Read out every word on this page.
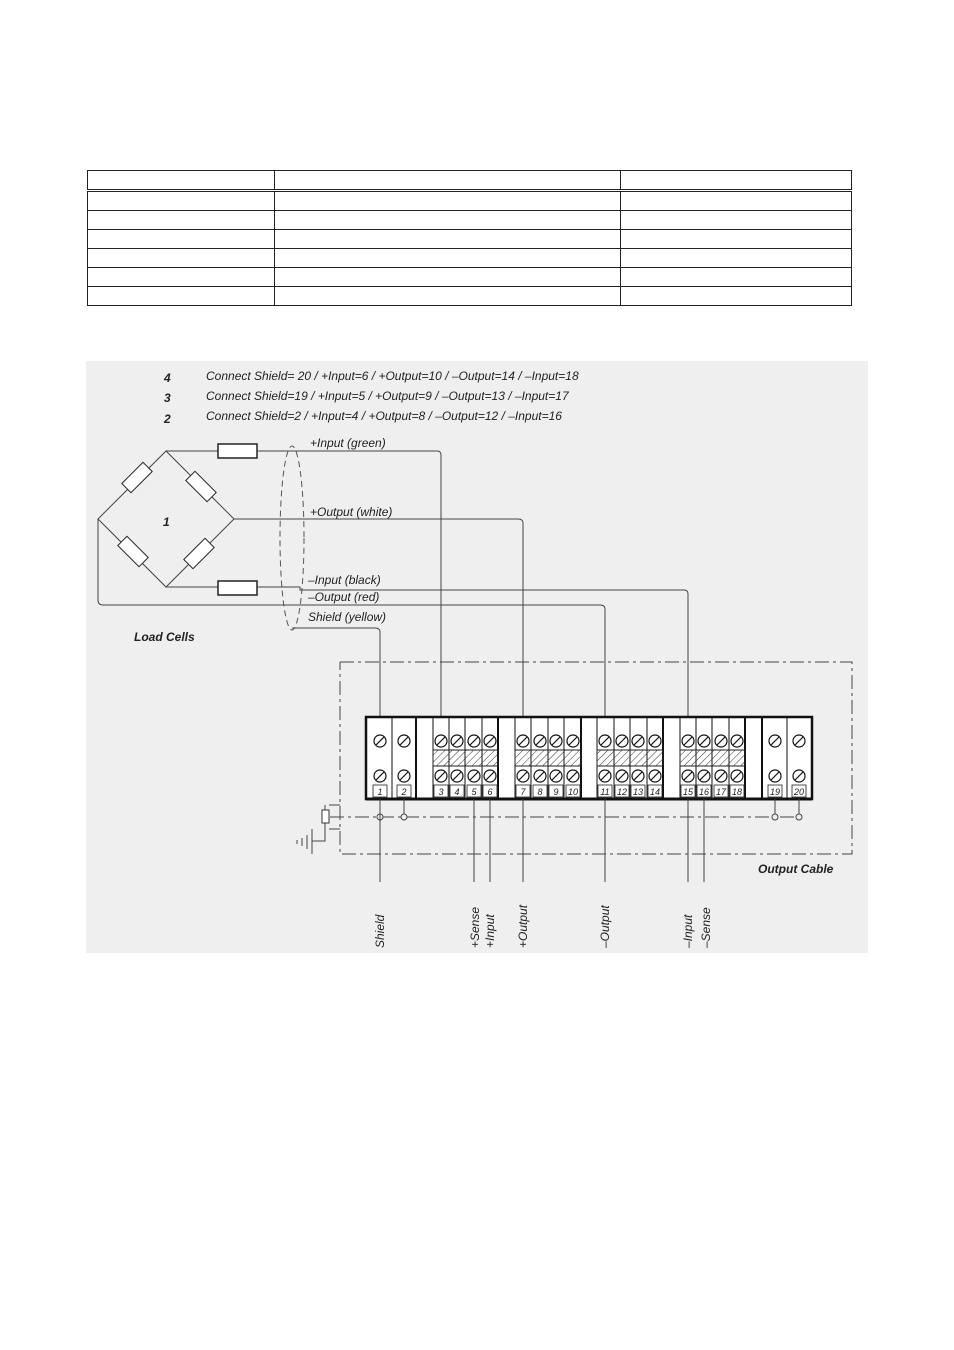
4	Connect Shield= 20 / +Input=6 / +Output=10 / –Output=14 / –Input=18
3	Connect Shield=19 / +Input=5 / +Output=9 / –Output=13 / –Input=17
2	Connect Shield=2 / +Input=4 / +Output=8 / –Output=12 / –Input=16
1
+Input (green)
+Output (white)
–Input (black)
–Output (red)
Shield (yellow)
Load Cells
Output Cable
1 2	3 4 5 6	7 8 9 10 11 12 13 14	15 16 17 18	19 20
Shield	+Sense +Input +Output	–Output	–Input –Sense
